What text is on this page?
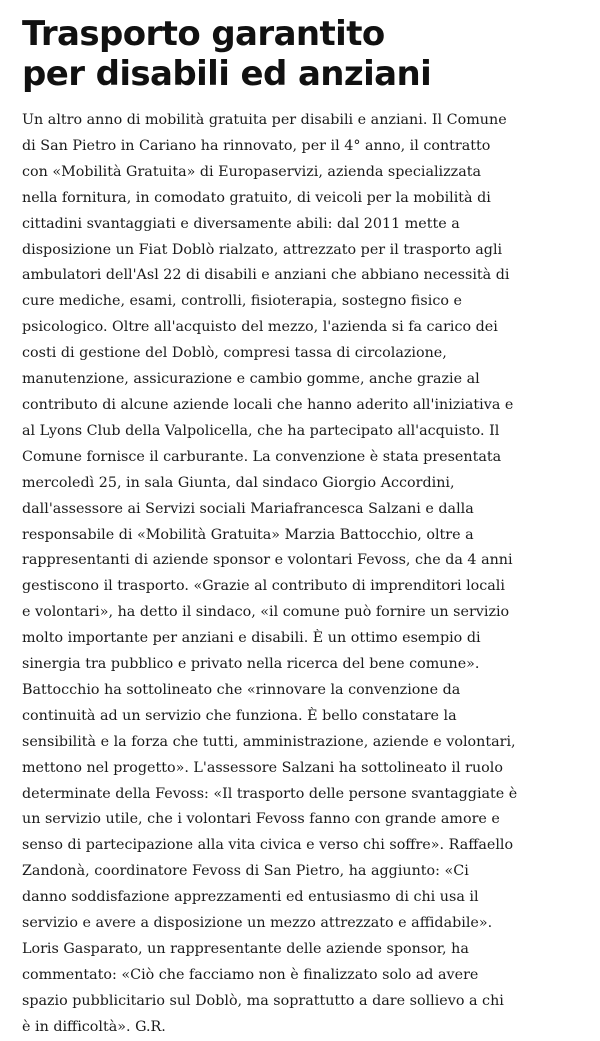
Trasporto garantito
per disabili ed anziani
Un altro anno di mobilità gratuita per disabili e anziani. Il Comune
di San Pietro in Cariano ha rinnovato, per il 4° anno, il contratto
con «Mobilità Gratuita» di Europaservizi, azienda specializzata
nella fornitura, in comodato gratuito, di veicoli per la mobilità di
cittadini svantaggiati e diversamente abili: dal 2011 mette a
disposizione un Fiat Doblò rialzato, attrezzato per il trasporto agli
ambulatori dell'Asl 22 di disabili e anziani che abbiano necessità di
cure mediche, esami, controlli, fisioterapia, sostegno fisico e
psicologico. Oltre all'acquisto del mezzo, l'azienda si fa carico dei
costi di gestione del Doblò, compresi tassa di circolazione,
manutenzione, assicurazione e cambio gomme, anche grazie al
contributo di alcune aziende locali che hanno aderito all'iniziativa e
al Lyons Club della Valpolicella, che ha partecipato all'acquisto. Il
Comune fornisce il carburante. La convenzione è stata presentata
mercoledì 25, in sala Giunta, dal sindaco Giorgio Accordini,
dall'assessore ai Servizi sociali Mariafrancesca Salzani e dalla
responsabile di «Mobilità Gratuita» Marzia Battocchio, oltre a
rappresentanti di aziende sponsor e volontari Fevoss, che da 4 anni
gestiscono il trasporto. «Grazie al contributo di imprenditori locali
e volontari», ha detto il sindaco, «il comune può fornire un servizio
molto importante per anziani e disabili. È un ottimo esempio di
sinergia tra pubblico e privato nella ricerca del bene comune».
Battocchio ha sottolineato che «rinnovare la convenzione da
continuità ad un servizio che funziona. È bello constatare la
sensibilità e la forza che tutti, amministrazione, aziende e volontari,
mettono nel progetto». L'assessore Salzani ha sottolineato il ruolo
determinate della Fevoss: «Il trasporto delle persone svantaggiate è
un servizio utile, che i volontari Fevoss fanno con grande amore e
senso di partecipazione alla vita civica e verso chi soffre». Raffaello
Zandonà, coordinatore Fevoss di San Pietro, ha aggiunto: «Ci
danno soddisfazione apprezzamenti ed entusiasmo di chi usa il
servizio e avere a disposizione un mezzo attrezzato e affidabile».
Loris Gasparato, un rappresentante delle aziende sponsor, ha
commentato: «Ciò che facciamo non è finalizzato solo ad avere
spazio pubblicitario sul Doblò, ma soprattutto a dare sollievo a chi
è in difficoltà». G.R.
